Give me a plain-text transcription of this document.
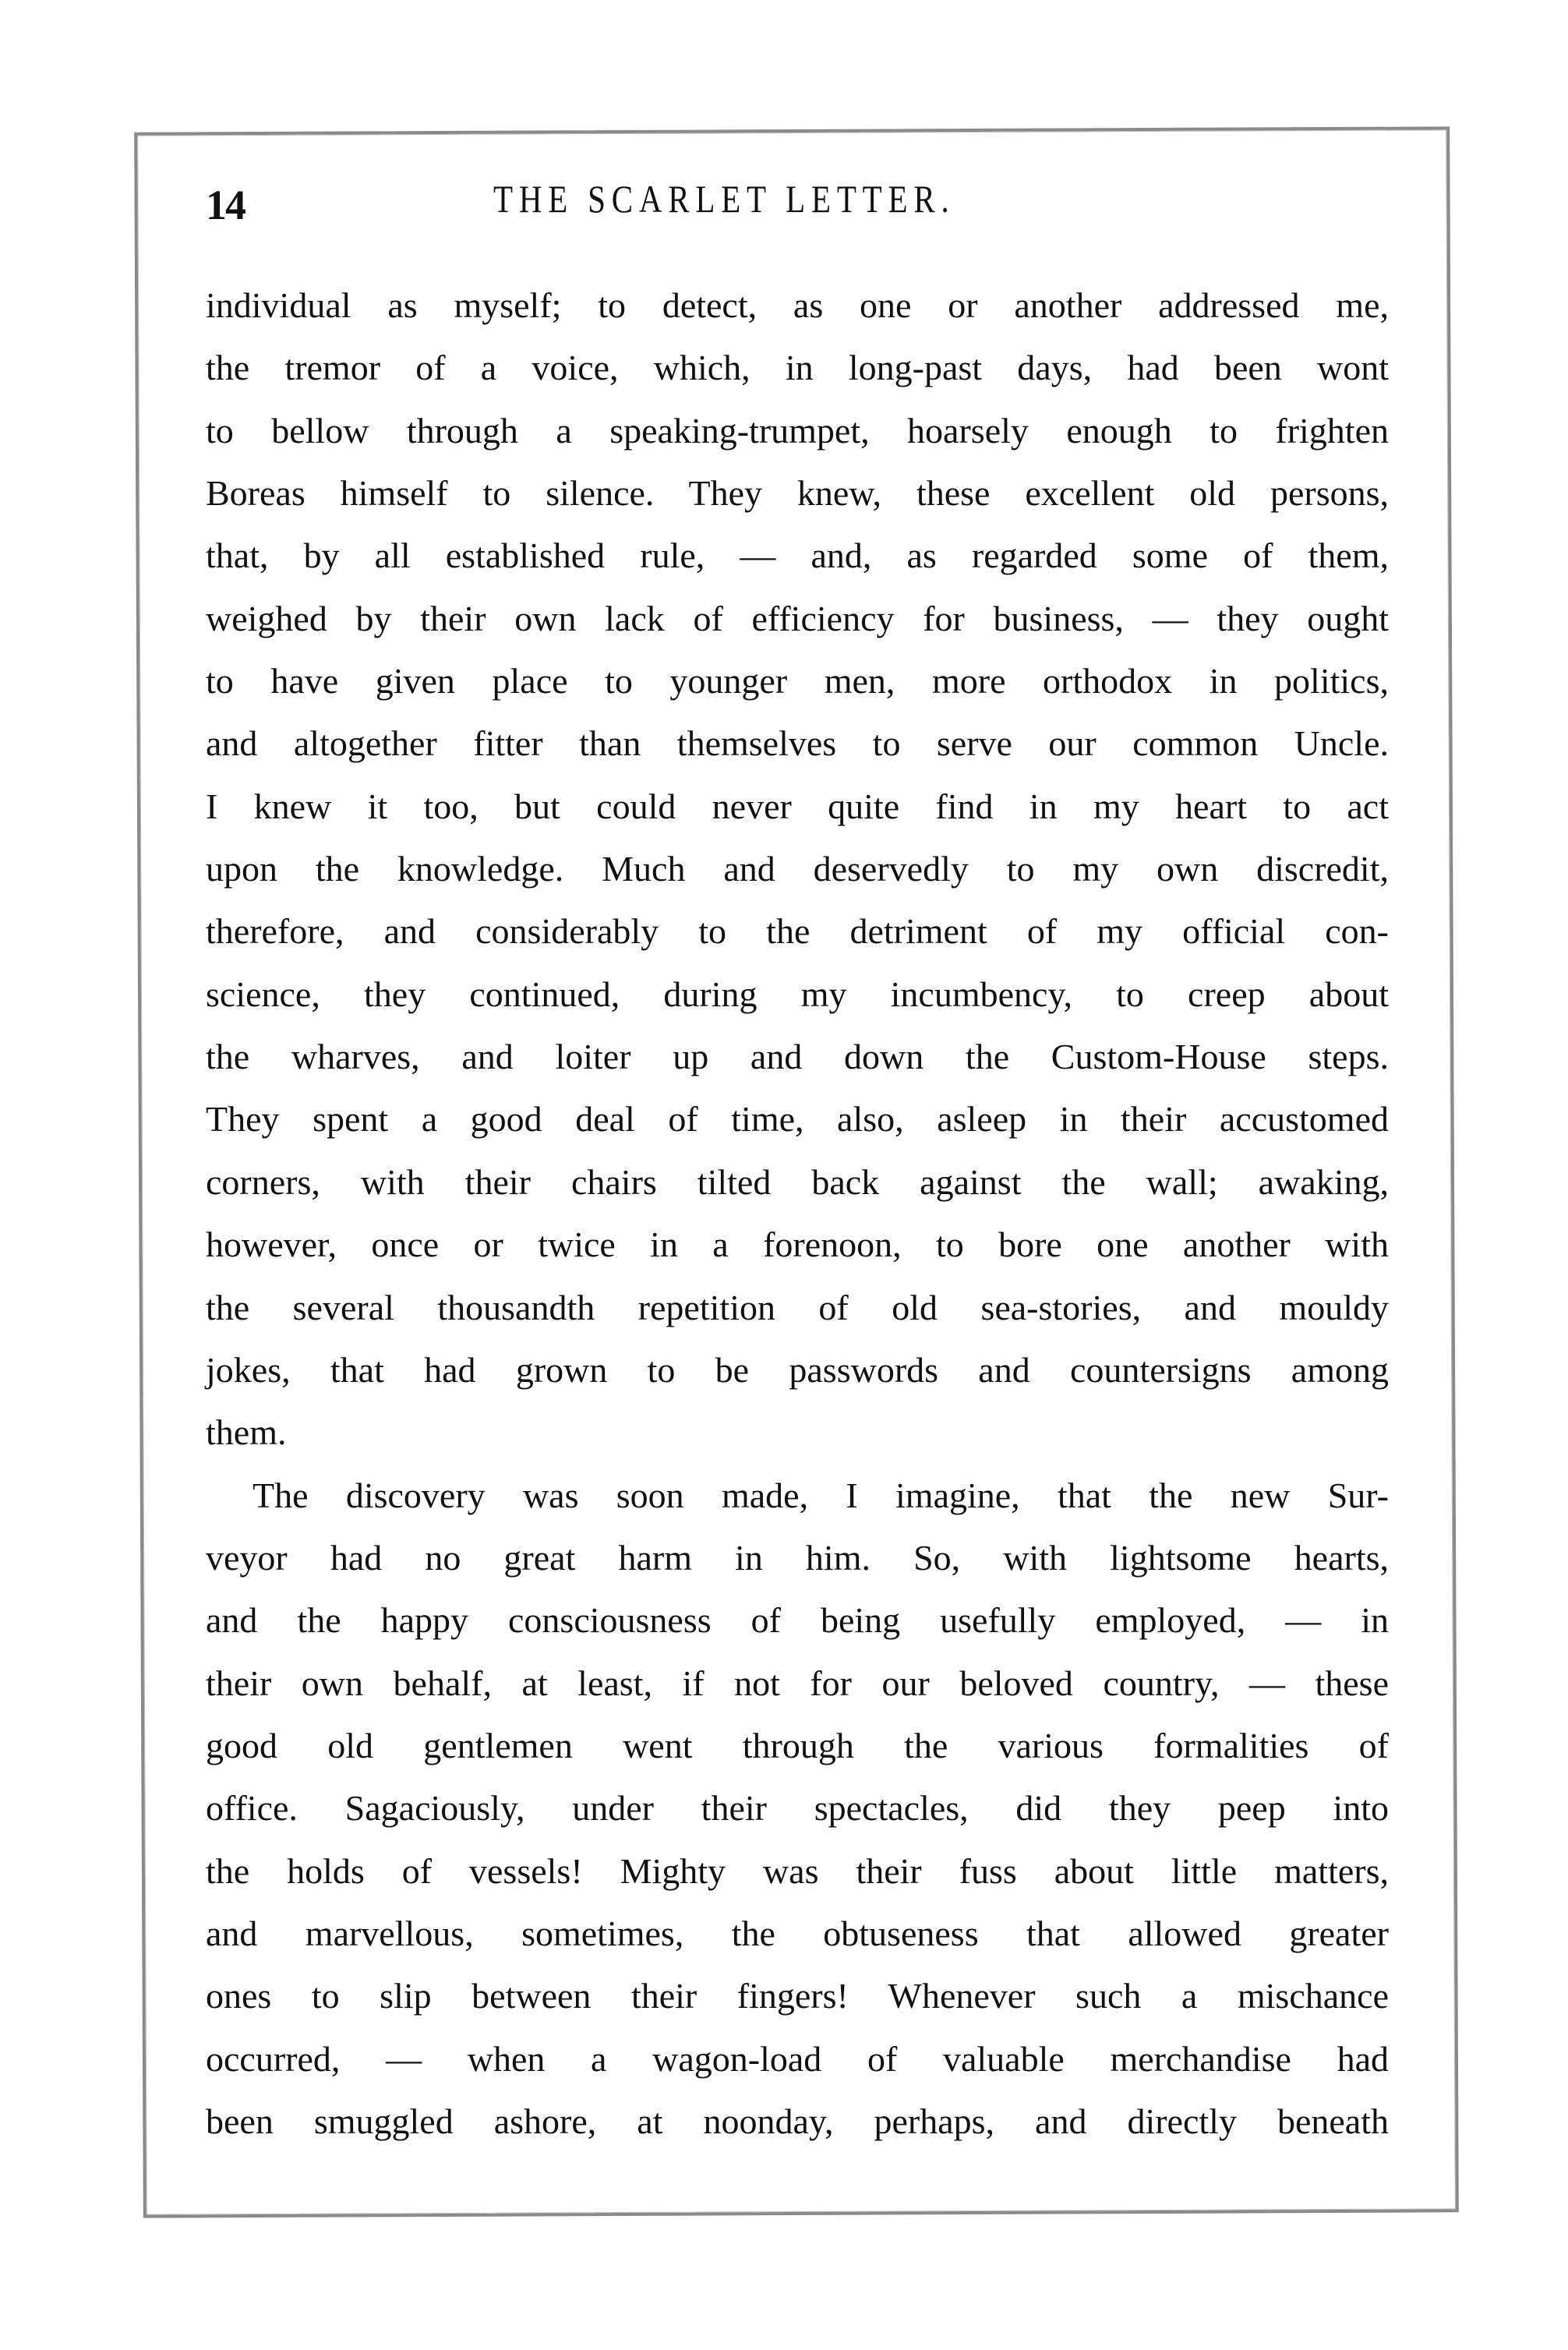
14	THE SCARLET LETTER.
individual as myself; to detect, as one or another addressed me,
the tremor of a voice, which, in long-past days, had been wont
to bellow through a speaking-trumpet, hoarsely enough to frighten
Boreas himself to silence. They knew, these excellent old persons,
that, by all established rule, — and, as regarded some of them,
weighed by their own lack of efficiency for business, — they ought
to have given place to younger men, more orthodox in politics,
and altogether fitter than themselves to serve our common Uncle.
I knew it too, but could never quite find in my heart to act
upon the knowledge. Much and deservedly to my own discredit,
therefore, and considerably to the detriment of my official con-
science, they continued, during my incumbency, to creep about
the wharves, and loiter up and down the Custom-House steps.
They spent a good deal of time, also, asleep in their accustomed
corners, with their chairs tilted back against the wall; awaking,
however, once or twice in a forenoon, to bore one another with
the several thousandth repetition of old sea-stories, and mouldy
jokes, that had grown to be passwords and countersigns among
them.
The discovery was soon made, I imagine, that the new Sur-
veyor had no great harm in him. So, with lightsome hearts,
and the happy consciousness of being usefully employed, — in
their own behalf, at least, if not for our beloved country, — these
good old gentlemen went through the various formalities of
office. Sagaciously, under their spectacles, did they peep into
the holds of vessels! Mighty was their fuss about little matters,
and marvellous, sometimes, the obtuseness that allowed greater
ones to slip between their fingers! Whenever such a mischance
occurred, — when a wagon-load of valuable merchandise had
been smuggled ashore, at noonday, perhaps, and directly beneath
